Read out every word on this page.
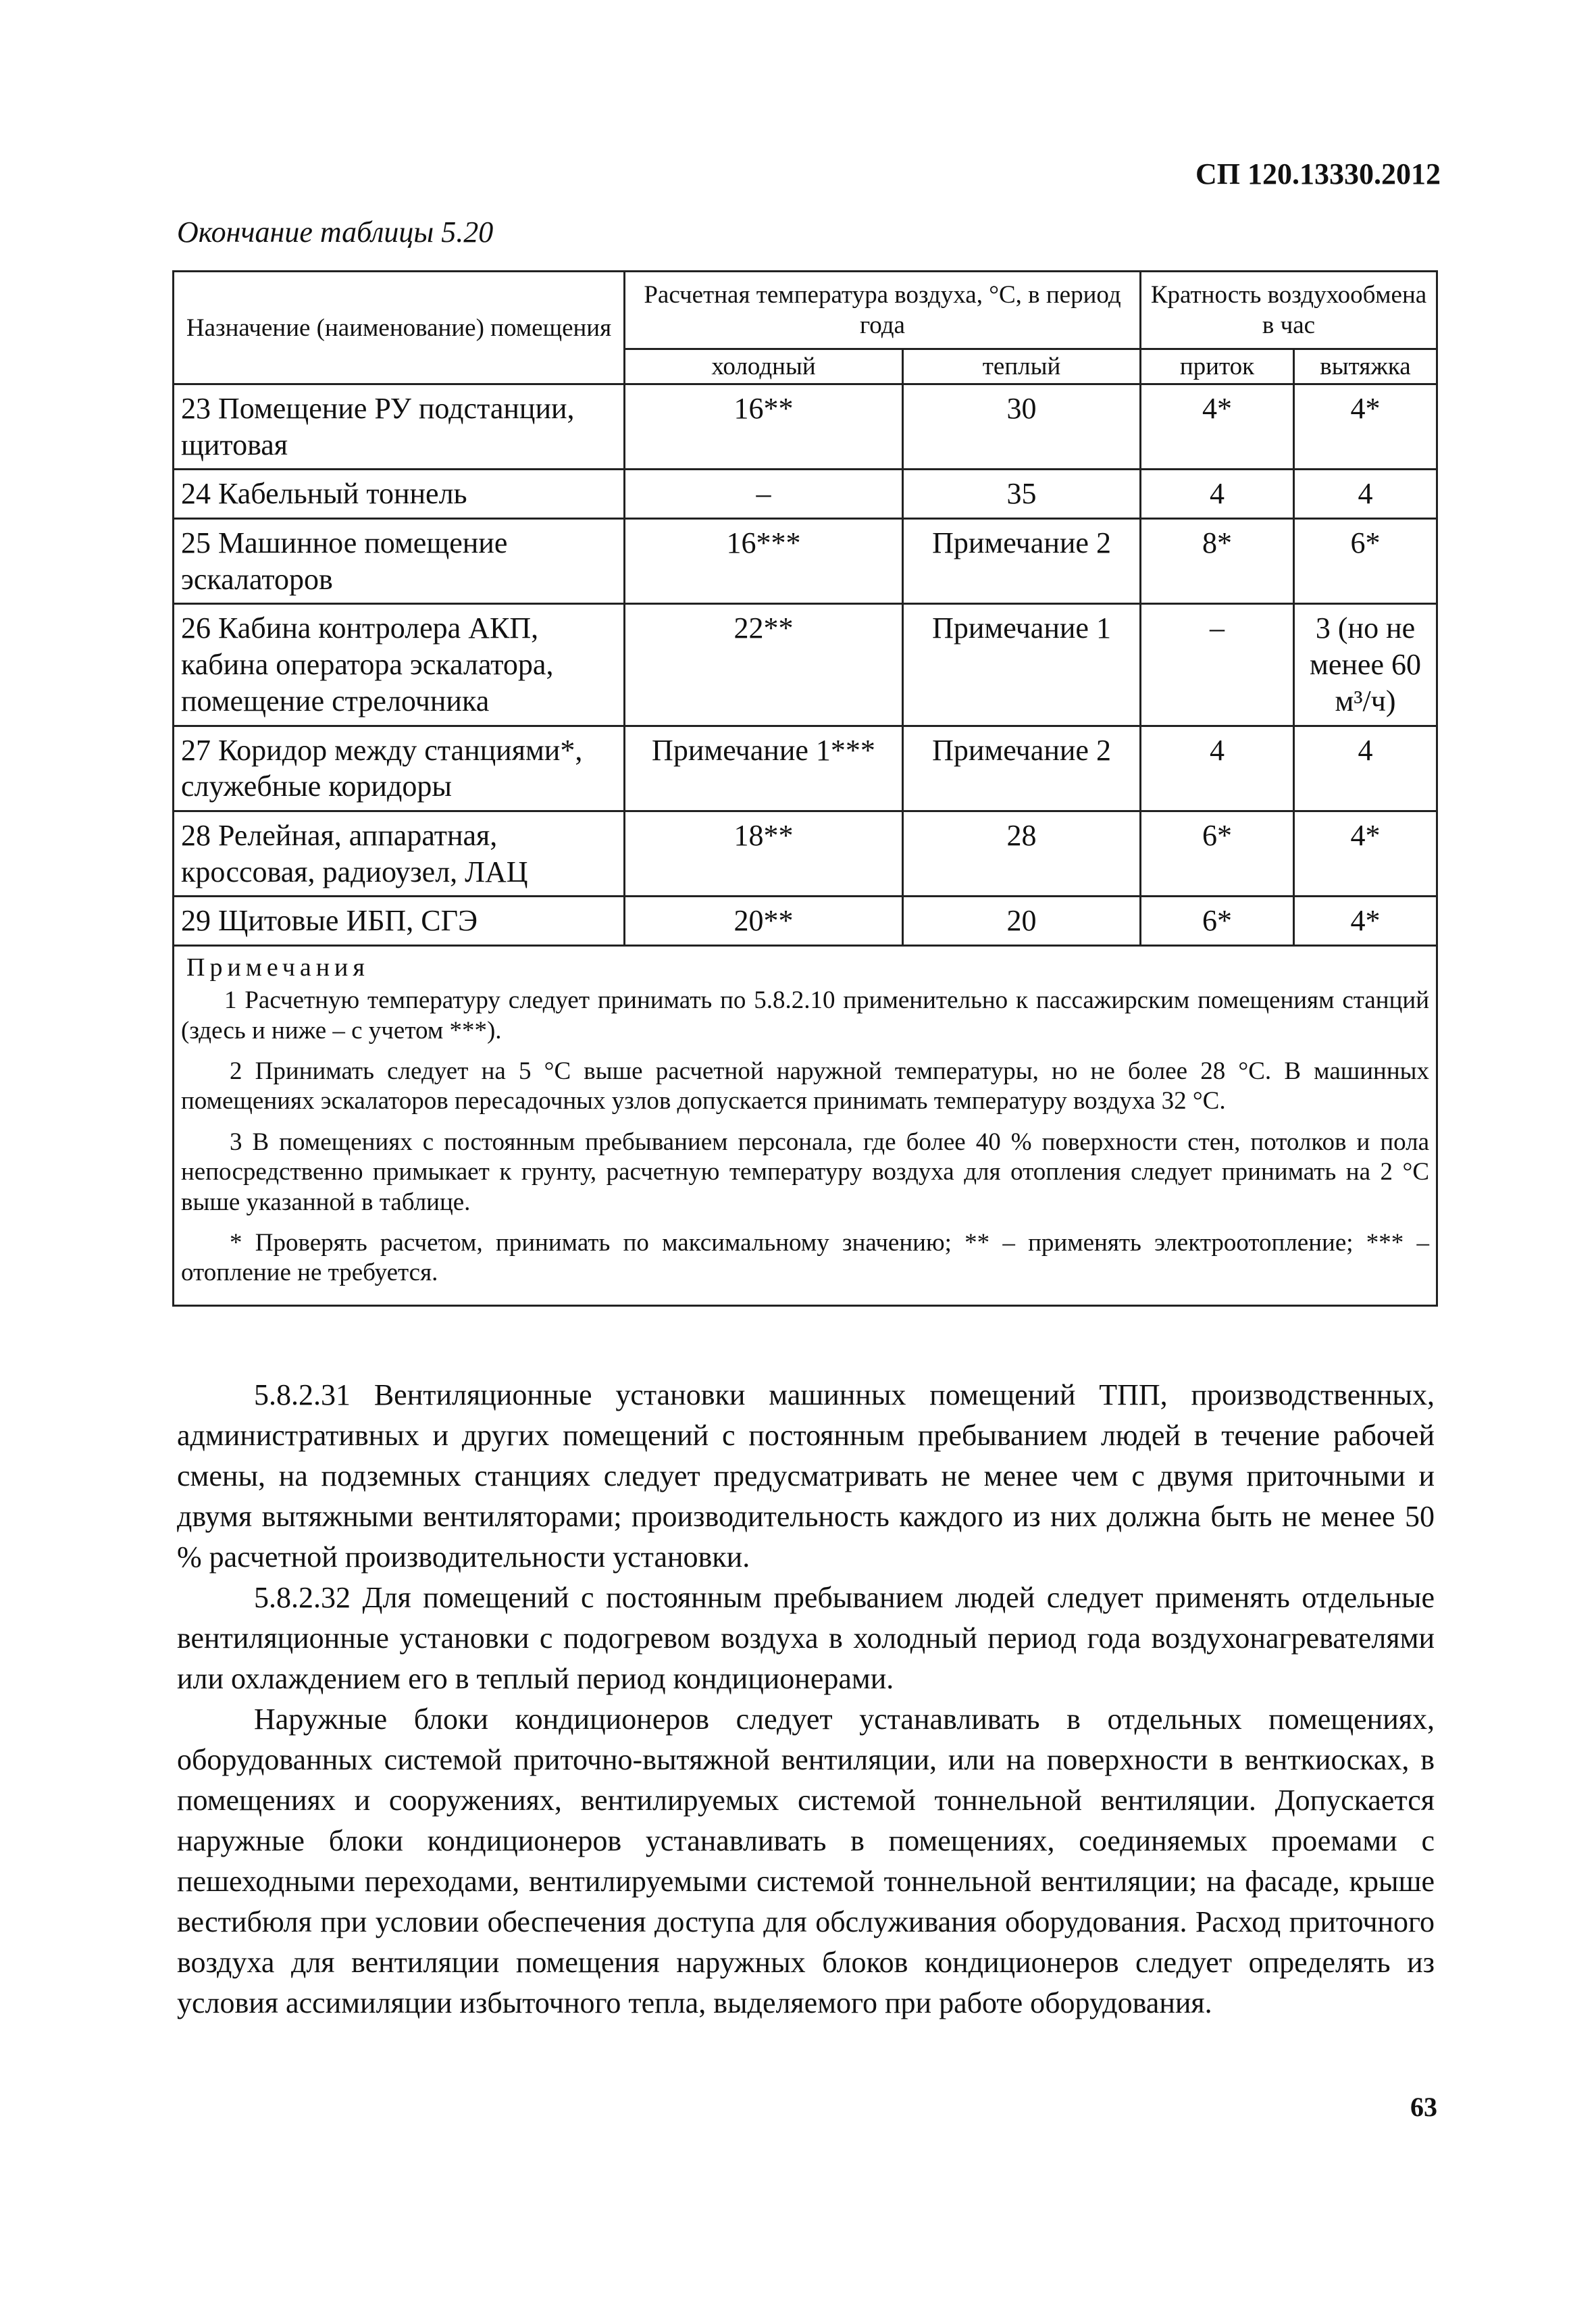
СП 120.13330.2012
Окончание таблицы 5.20
Назначение (наименование) помещения	Расчетная температура воздуха, °С, в период года		Кратность воздухообмена в час	
	холодный	теплый	приток	вытяжка
23 Помещение РУ подстанции, щитовая	16**	30	4*	4*
24 Кабельный тоннель	–	35	4	4
25 Машинное помещение эскалаторов	16***	Примечание 2	8*	6*
26 Кабина контролера АКП, кабина оператора эскалатора, помещение стрелочника	22**	Примечание 1	–	3 (но не менее 60 м³/ч)
27 Коридор между станциями*, служебные коридоры	Примечание 1***	Примечание 2	4	4
28 Релейная, аппаратная, кроссовая, радиоузел, ЛАЦ	18**	28	6*	4*
29 Щитовые ИБП, СГЭ	20**	20	6*	4*

Примечания

1 Расчетную температуру следует принимать по 5.8.2.10 применительно к пассажирским помещениям станций (здесь и ниже – с учетом ***).

2 Принимать следует на 5 °С выше расчетной наружной температуры, но не более 28 °С. В машинных помещениях эскалаторов пересадочных узлов допускается принимать температуру воздуха 32 °С.

3 В помещениях с постоянным пребыванием персонала, где более 40 % поверхности стен, потолков и пола непосредственно примыкает к грунту, расчетную температуру воздуха для отопления следует принимать на 2 °С выше указанной в таблице.

* Проверять расчетом, принимать по максимальному значению; ** – применять электроотопление; *** – отопление не требуется.				

5.8.2.31 Вентиляционные установки машинных помещений ТПП, производственных, административных и других помещений с постоянным пребыванием людей в течение рабочей смены, на подземных станциях следует предусматривать не менее чем с двумя приточными и двумя вытяжными вентиляторами; производительность каждого из них должна быть не менее 50 % расчетной производительности установки.

5.8.2.32 Для помещений с постоянным пребыванием людей следует применять отдельные вентиляционные установки с подогревом воздуха в холодный период года воздухонагревателями или охлаждением его в теплый период кондиционерами.

Наружные блоки кондиционеров следует устанавливать в отдельных помещениях, оборудованных системой приточно-вытяжной вентиляции, или на поверхности в венткиосках, в помещениях и сооружениях, вентилируемых системой тоннельной вентиляции. Допускается наружные блоки кондиционеров устанавливать в помещениях, соединяемых проемами с пешеходными переходами, вентилируемыми системой тоннельной вентиляции; на фасаде, крыше вестибюля при условии обеспечения доступа для обслуживания оборудования. Расход приточного воздуха для вентиляции помещения наружных блоков кондиционеров следует определять из условия ассимиляции избыточного тепла, выделяемого при работе оборудования.

63
